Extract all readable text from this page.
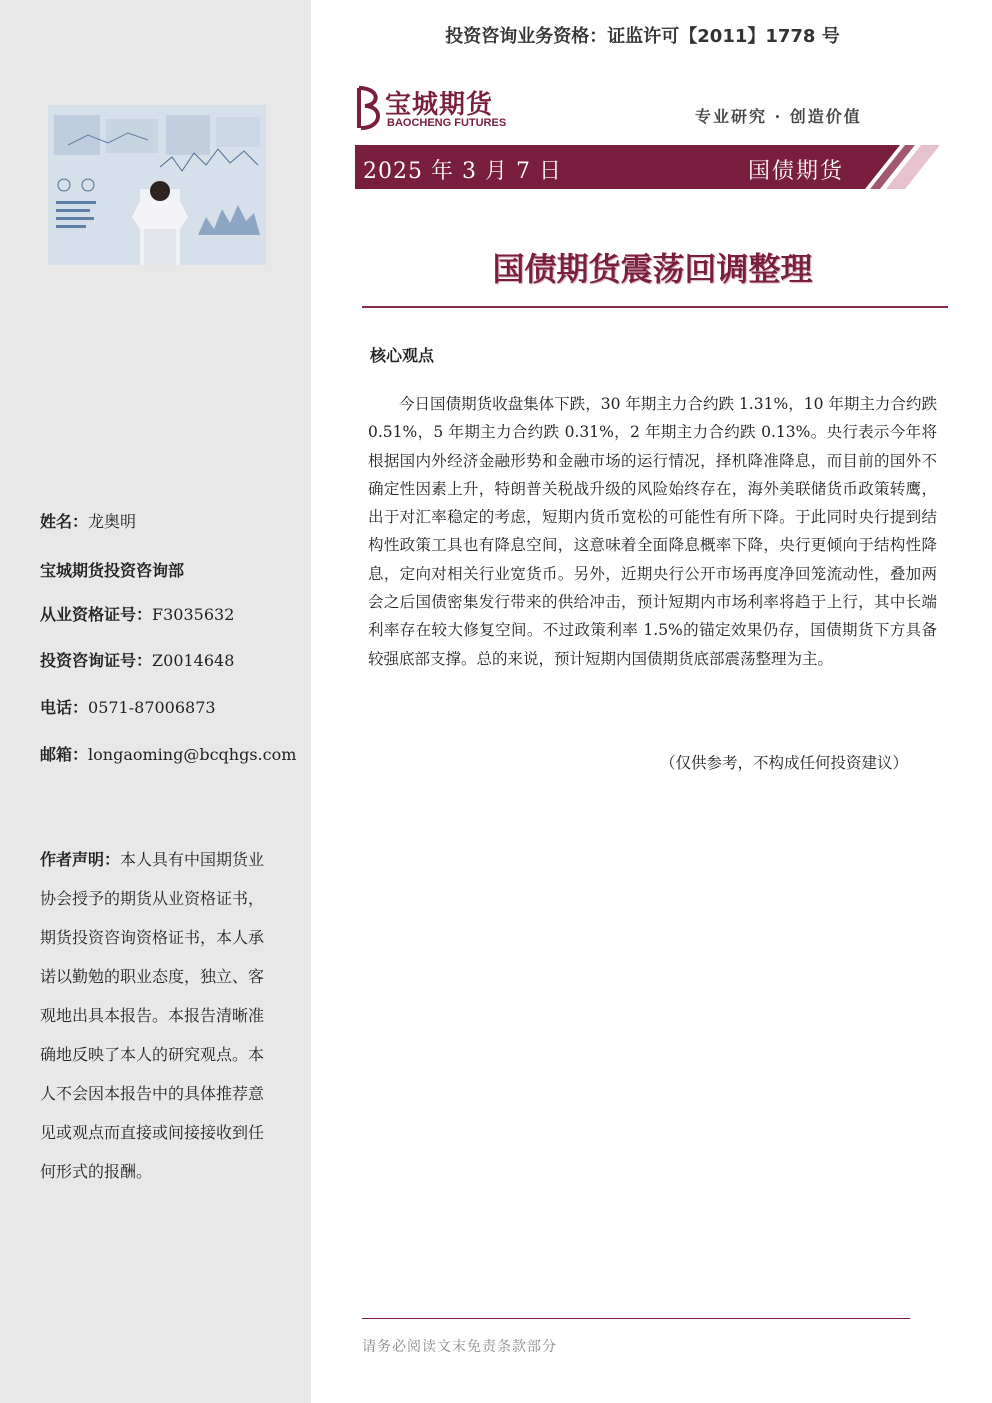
姓名：龙奥明
宝城期货投资咨询部
从业资格证号：F3035632
投资咨询证号：Z0014648
电话：0571-87006873
邮箱：longaoming@bcqhgs.com
作者声明：本人具有中国期货业协会授予的期货从业资格证书，期货投资咨询资格证书，本人承诺以勤勉的职业态度，独立、客观地出具本报告。本报告清晰准确地反映了本人的研究观点。本人不会因本报告中的具体推荐意见或观点而直接或间接接收到任何形式的报酬。
投资咨询业务资格：证监许可【2011】1778 号
宝城期货
BAOCHENG FUTURES	专业研究 · 创造价值
2025 年 3 月 7 日	国债期货
国债期货震荡回调整理
核心观点
今日国债期货收盘集体下跌，30 年期主力合约跌 1.31%，10 年期主力合约跌 0.51%，5 年期主力合约跌 0.31%，2 年期主力合约跌 0.13%。央行表示今年将根据国内外经济金融形势和金融市场的运行情况，择机降准降息，而目前的国外不确定性因素上升，特朗普关税战升级的风险始终存在，海外美联储货币政策转鹰，出于对汇率稳定的考虑，短期内货币宽松的可能性有所下降。于此同时央行提到结构性政策工具也有降息空间，这意味着全面降息概率下降，央行更倾向于结构性降息，定向对相关行业宽货币。另外，近期央行公开市场再度净回笼流动性，叠加两会之后国债密集发行带来的供给冲击，预计短期内市场利率将趋于上行，其中长端利率存在较大修复空间。不过政策利率 1.5%的锚定效果仍存，国债期货下方具备较强底部支撑。总的来说，预计短期内国债期货底部震荡整理为主。
（仅供参考，不构成任何投资建议）
请务必阅读文末免责条款部分
